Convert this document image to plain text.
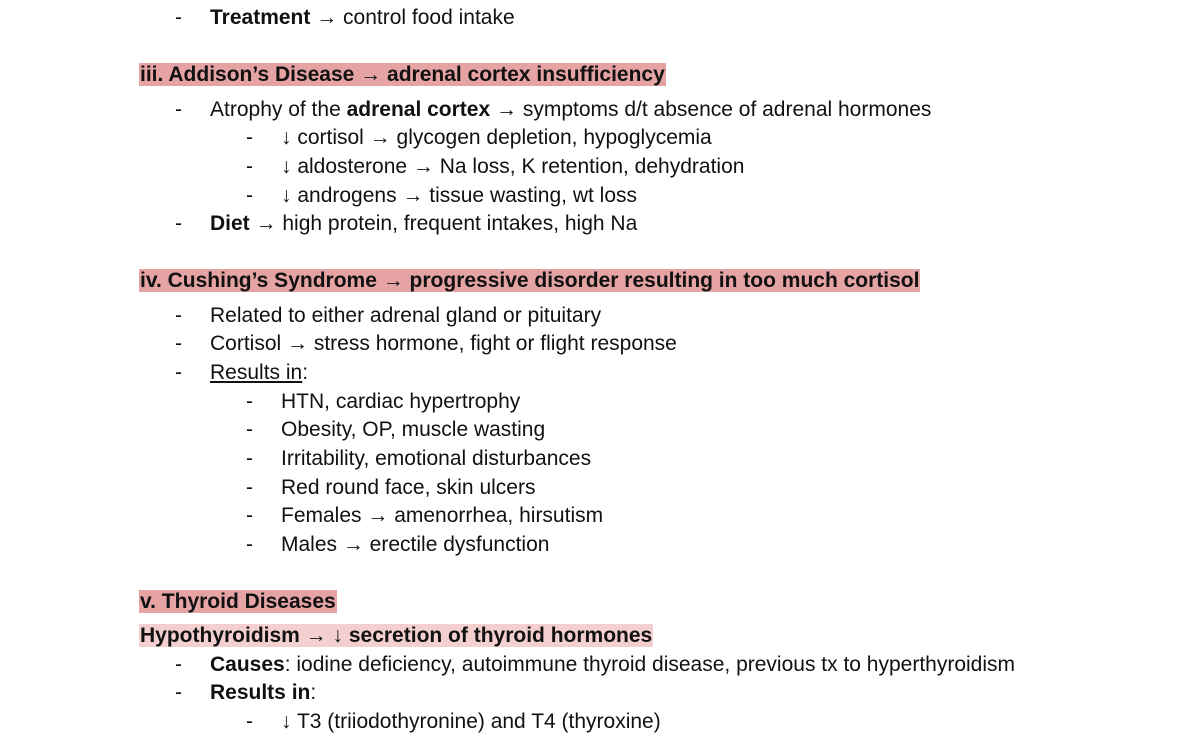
- Treatment → control food intake
iii. Addison’s Disease → adrenal cortex insufficiency
- Atrophy of the adrenal cortex → symptoms d/t absence of adrenal hormones
- ↓ cortisol → glycogen depletion, hypoglycemia
- ↓ aldosterone → Na loss, K retention, dehydration
- ↓ androgens → tissue wasting, wt loss
- Diet → high protein, frequent intakes, high Na
iv. Cushing’s Syndrome → progressive disorder resulting in too much cortisol
- Related to either adrenal gland or pituitary
- Cortisol → stress hormone, fight or flight response
- Results in:
- HTN, cardiac hypertrophy
- Obesity, OP, muscle wasting
- Irritability, emotional disturbances
- Red round face, skin ulcers
- Females → amenorrhea, hirsutism
- Males → erectile dysfunction
v. Thyroid Diseases
Hypothyroidism → ↓ secretion of thyroid hormones
- Causes: iodine deficiency, autoimmune thyroid disease, previous tx to hyperthyroidism
- Results in:
- ↓ T3 (triiodothyronine) and T4 (thyroxine)
